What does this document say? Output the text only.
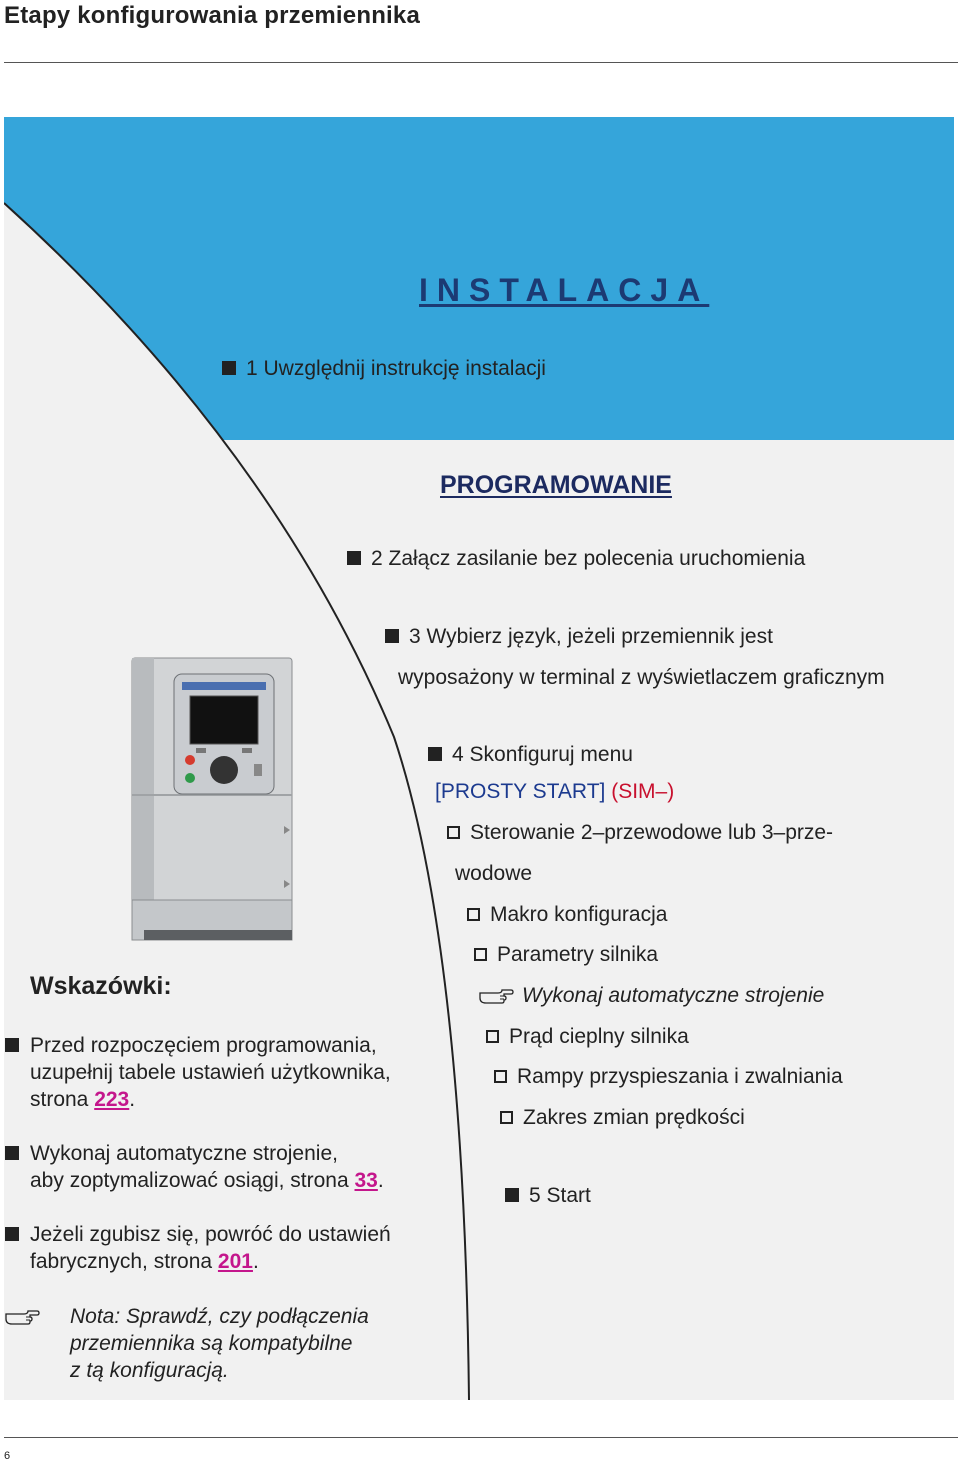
Etapy konfigurowania przemiennika
INSTALACJA
1 Uwzględnij instrukcję instalacji
PROGRAMOWANIE
2 Załącz zasilanie bez polecenia uruchomienia
3 Wybierz język, jeżeli przemiennik jest
wyposażony w terminal z wyświetlaczem graficznym
4 Skonfiguruj menu
[PROSTY START] (SIM–)
Sterowanie 2–przewodowe lub 3–prze-
wodowe
Makro konfiguracja
Parametry silnika
Wykonaj automatyczne strojenie
Prąd cieplny silnika
Rampy przyspieszania i zwalniania
Zakres zmian prędkości
5 Start
Wskazówki:
Przed rozpoczęciem programowania,
uzupełnij tabele ustawień użytkownika,
strona 223.
Wykonaj automatyczne strojenie,
aby zoptymalizować osiągi, strona 33.
Jeżeli zgubisz się, powróć do ustawień
fabrycznych, strona 201.
Nota: Sprawdź, czy podłączenia
przemiennika są kompatybilne
z tą konfiguracją.
6
